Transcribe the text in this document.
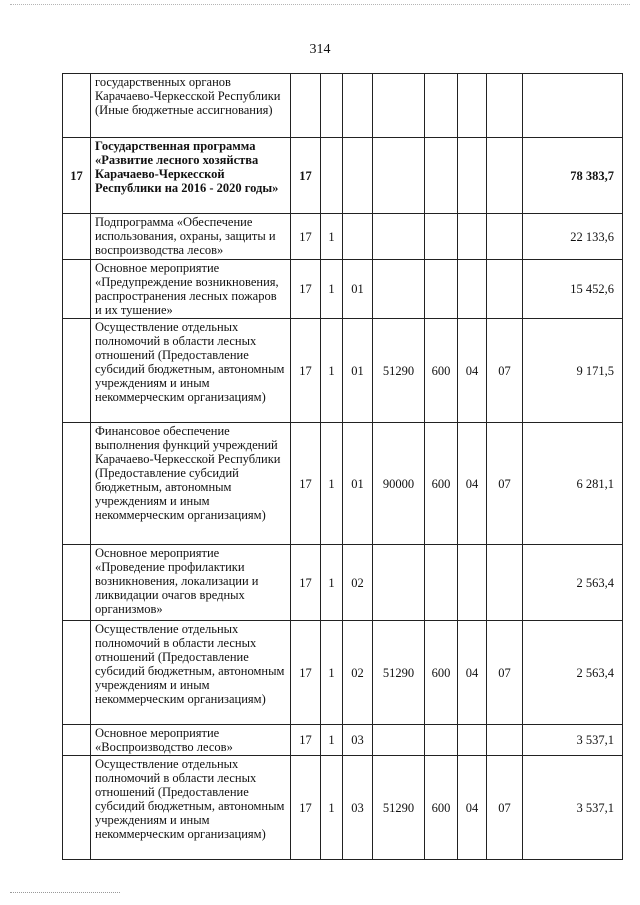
314
	государственных органов Карачаево-Черкесской Республики (Иные бюджетные ассигнования)								
17	Государственная программа «Развитие лесного хозяйства Карачаево-Черкесской Республики на 2016 - 2020 годы»	17							78 383,7
	Подпрограмма «Обеспечение использования, охраны, защиты и воспроизводства лесов»	17	1						22 133,6
	Основное мероприятие «Предупреждение возникновения, распространения лесных пожаров и их тушение»	17	1	01					15 452,6
	Осуществление отдельных полномочий в области лесных отношений (Предоставление субсидий бюджетным, автономным учреждениям и иным некоммерческим организациям)	17	1	01	51290	600	04	07	9 171,5
	Финансовое обеспечение выполнения функций учреждений Карачаево-Черкесской Республики (Предоставление субсидий бюджетным, автономным учреждениям и иным некоммерческим организациям)	17	1	01	90000	600	04	07	6 281,1
	Основное мероприятие «Проведение профилактики возникновения, локализации и ликвидации очагов вредных организмов»	17	1	02					2 563,4
	Осуществление отдельных полномочий в области лесных отношений (Предоставление субсидий бюджетным, автономным учреждениям и иным некоммерческим организациям)	17	1	02	51290	600	04	07	2 563,4
	Основное мероприятие «Воспроизводство лесов»	17	1	03					3 537,1
	Осуществление отдельных полномочий в области лесных отношений (Предоставление субсидий бюджетным, автономным учреждениям и иным некоммерческим организациям)	17	1	03	51290	600	04	07	3 537,1
